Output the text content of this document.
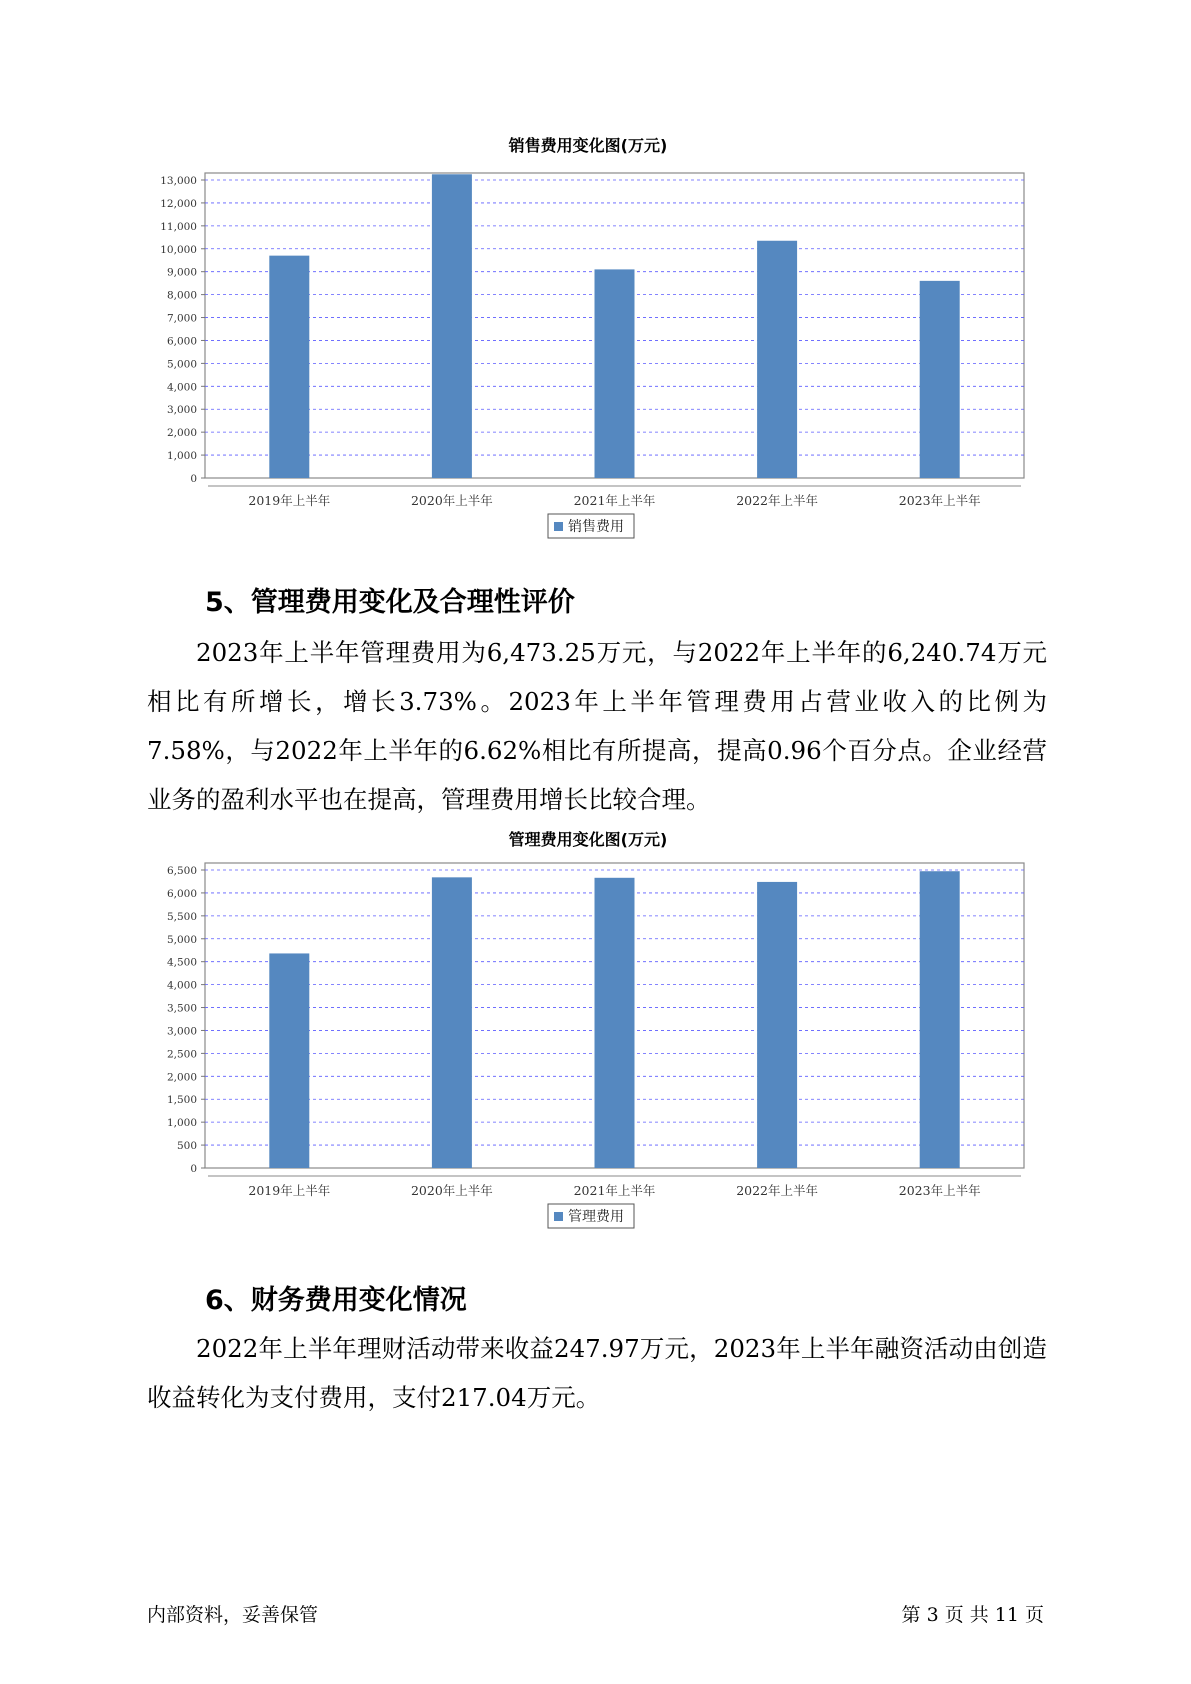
销售费用变化图(万元)
0
1,000
2,000
3,000
4,000
5,000
6,000
7,000
8,000
9,000
10,000
11,000
12,000
13,000
2019年上半年	2020年上半年	2021年上半年	2022年上半年	2023年上半年
销售费用
5、管理费用变化及合理性评价

2023年上半年管理费用为6,473.25万元，与2022年上半年的6,240.74万元相比有所增长，增长3.73%。2023年上半年管理费用占营业收入的比例为7.58%，与2022年上半年的6.62%相比有所提高，提高0.96个百分点。企业经营业务的盈利水平也在提高，管理费用增长比较合理。

管理费用变化图(万元)
0
500
1,000
1,500
2,000
2,500
3,000
3,500
4,000
4,500
5,000
5,500
6,000
6,500
2019年上半年	2020年上半年	2021年上半年	2022年上半年	2023年上半年
管理费用
6、财务费用变化情况

2022年上半年理财活动带来收益247.97万元，2023年上半年融资活动由创造收益转化为支付费用，支付217.04万元。

内部资料，妥善保管	第 3 页 共 11 页
